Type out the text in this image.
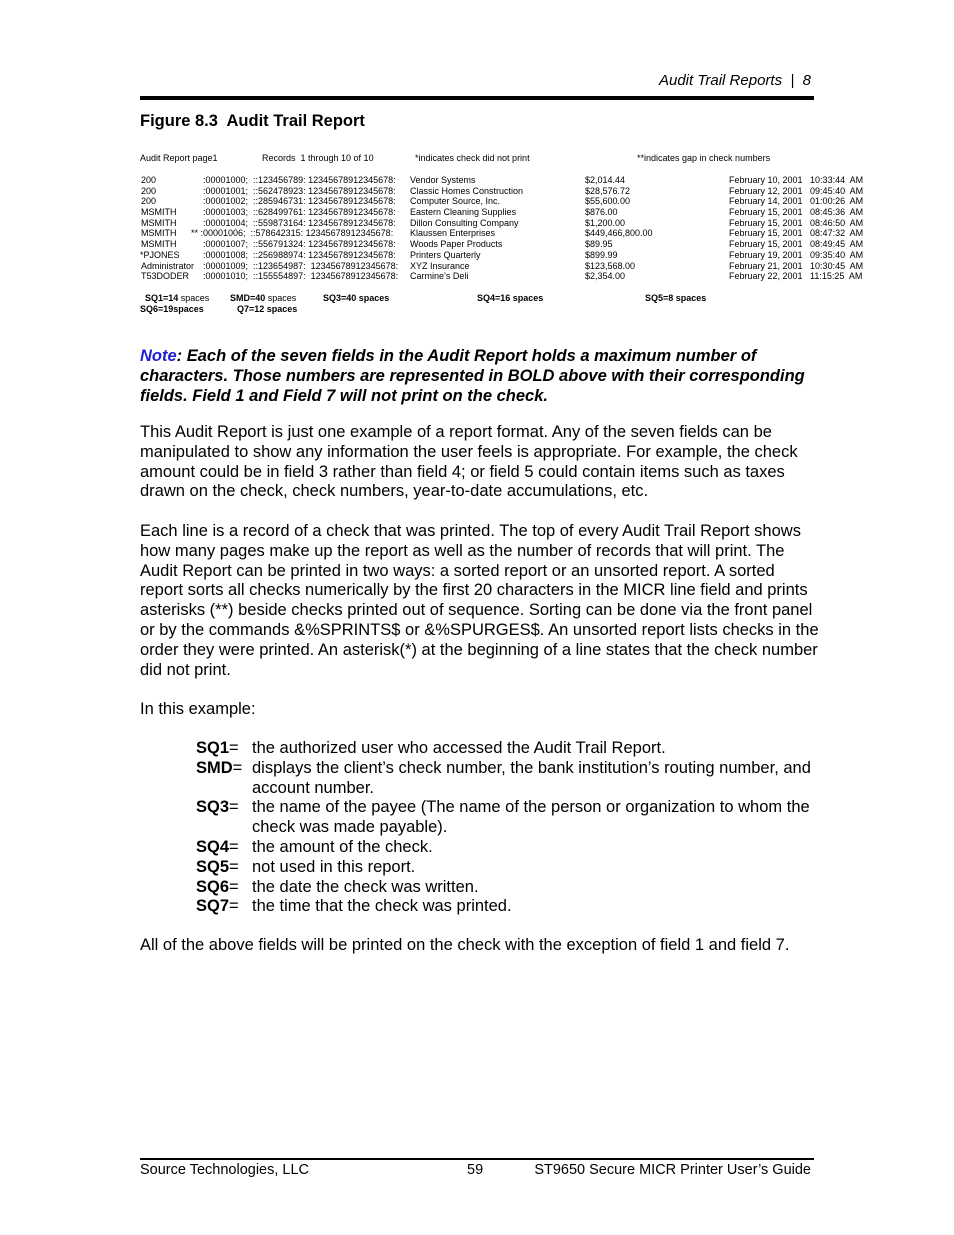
Audit Trail Reports  |  8
Figure 8.3  Audit Trail Report
Audit Report page1	Records  1 through 10 of 10	*indicates check did not print	**indicates gap in check numbers
200	:00001000;  ::123456789: 12345678912345678: Vendor Systems	$2,014.44	February 10, 2001   10:33:44  AM
200	:00001001;  ::562478923: 12345678912345678: Classic Homes Construction	$28,576.72	February 12, 2001   09:45:40  AM
200	:00001002;  ::285946731: 12345678912345678: Computer Source, Inc.	$55,600.00	February 14, 2001   01:00:26  AM
MSMITH	:00001003;  ::628499761: 12345678912345678: Eastern Cleaning Supplies	$876.00	February 15, 2001   08:45:36  AM
MSMITH	:00001004;  ::559873164: 12345678912345678: Dillon Consulting Company	$1,200.00	February 15, 2001   08:46:50  AM
MSMITH ** :00001006;  ::578642315: 12345678912345678: Klaussen Enterprises	$449,466,800.00	February 15, 2001   08:47:32  AM
MSMITH	:00001007;  ::556791324: 12345678912345678: Woods Paper Products	$89.95	February 15, 2001   08:49:45  AM
*PJONES	:00001008;  ::256988974: 12345678912345678: Printers Quarterly	$899.99	February 19, 2001   09:35:40  AM
Administrator :00001009;  ::123654987:  12345678912345678: XYZ Insurance	$123,568.00	February 21, 2001   10:30:45  AM
T53DODER :00001010;  ::155554897:  12345678912345678: Carmine’s Deli	$2,354.00	February 22, 2001   11:15:25  AM
SQ1=14 spaces SMD=40 spaces	SQ3=40 spaces	SQ4=16 spaces	SQ5=8 spaces
SQ6=19spaces	Q7=12 spaces
Note: Each of the seven fields in the Audit Report holds a maximum number of characters. Those numbers are represented in BOLD above with their corresponding fields. Field 1 and Field 7 will not print on the check.

This Audit Report is just one example of a report format. Any of the seven fields can be manipulated to show any information the user feels is appropriate. For example, the check amount could be in field 3 rather than field 4; or field 5 could contain items such as taxes drawn on the check, check numbers, year-to-date accumulations, etc.

Each line is a record of a check that was printed. The top of every Audit Trail Report shows how many pages make up the report as well as the number of records that will print. The Audit Report can be printed in two ways: a sorted report or an unsorted report. A sorted report sorts all checks numerically by the first 20 characters in the MICR line field and prints asterisks (**) beside checks printed out of sequence. Sorting can be done via the front panel or by the commands &%SPRINTS$ or &%SPURGES$. An unsorted report lists checks in the order they were printed. An asterisk(*) at the beginning of a line states that the check number did not print.

In this example:

SQ1= the authorized user who accessed the Audit Trail Report.
SMD= displays the client’s check number, the bank institution’s routing number, and account number.
SQ3= the name of the payee (The name of the person or organization to whom the check was made payable).
SQ4= the amount of the check.
SQ5= not used in this report.
SQ6= the date the check was written.
SQ7= the time that the check was printed.

All of the above fields will be printed on the check with the exception of field 1 and field 7.

Source Technologies, LLC	59	ST9650 Secure MICR Printer User’s Guide
